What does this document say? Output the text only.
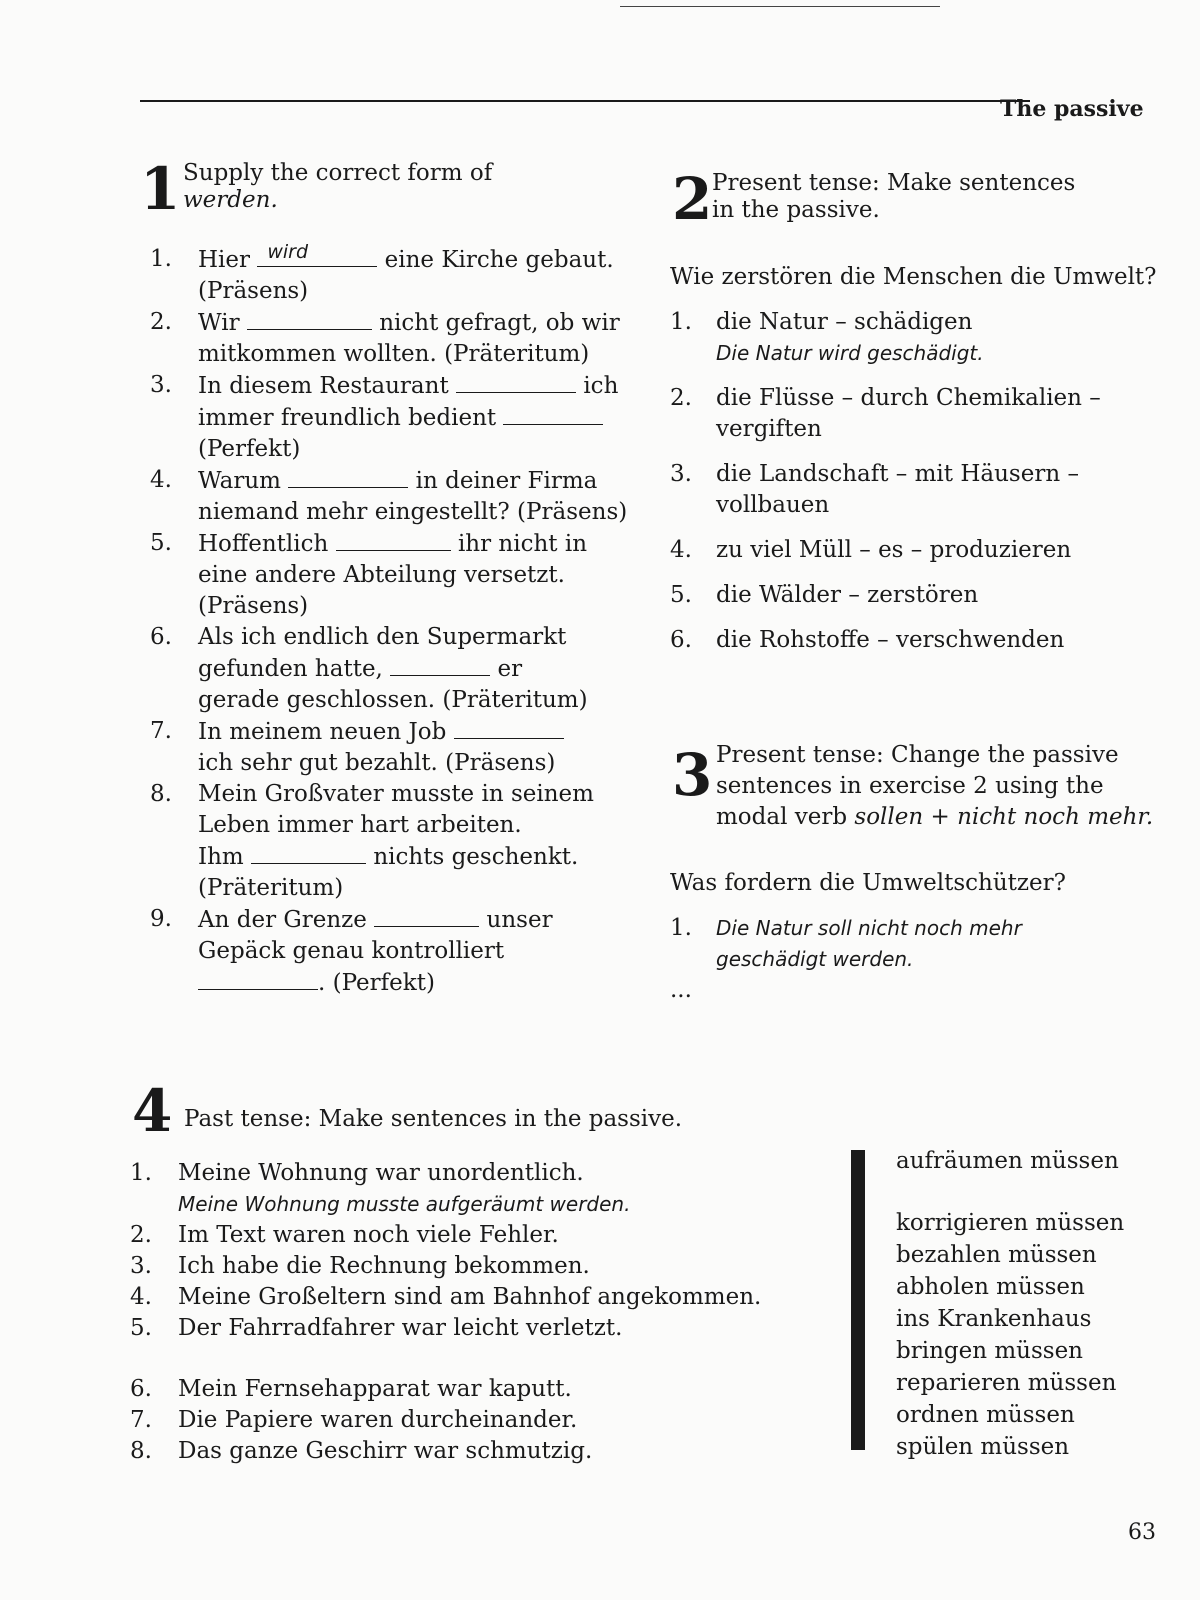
The passive
1 Supply the correct form of
werden.
1. Hier wird	eine Kirche gebaut.
(Präsens)
2. Wir	nicht gefragt, ob wir
mitkommen wollten. (Präteritum)
3. In diesem Restaurant	ich
immer freundlich bedient
(Perfekt)
4. Warum	in deiner Firma
niemand mehr eingestellt? (Präsens)
5. Hoffentlich	ihr nicht in
eine andere Abteilung versetzt.
(Präsens)
6. Als ich endlich den Supermarkt
gefunden hatte,	er
gerade geschlossen. (Präteritum)
7. In meinem neuen Job
ich sehr gut bezahlt. (Präsens)
8. Mein Großvater musste in seinem
Leben immer hart arbeiten.
Ihm	nichts geschenkt.
(Präteritum)
9. An der Grenze	unser
Gepäck genau kontrolliert
. (Perfekt)
2 Present tense: Make sentences
in the passive.
Wie zerstören die Menschen die Umwelt?
1. die Natur – schädigen
Die Natur wird geschädigt.
2. die Flüsse – durch Chemikalien –
vergiften
3. die Landschaft – mit Häusern –
vollbauen
4. zu viel Müll – es – produzieren
5. die Wälder – zerstören
6. die Rohstoffe – verschwenden
3 Present tense: Change the passive
sentences in exercise 2 using the
modal verb sollen + nicht noch mehr.
Was fordern die Umweltschützer?
1. Die Natur soll nicht noch mehr
geschädigt werden.
...
4 Past tense: Make sentences in the passive.
1. Meine Wohnung war unordentlich.
Meine Wohnung musste aufgeräumt werden.
2. Im Text waren noch viele Fehler.
3. Ich habe die Rechnung bekommen.
4. Meine Großeltern sind am Bahnhof angekommen.
5. Der Fahrradfahrer war leicht verletzt.
6. Mein Fernsehapparat war kaputt.
7. Die Papiere waren durcheinander.
8. Das ganze Geschirr war schmutzig.
aufräumen müssen
korrigieren müssen
bezahlen müssen
abholen müssen
ins Krankenhaus
bringen müssen
reparieren müssen
ordnen müssen
spülen müssen
63
